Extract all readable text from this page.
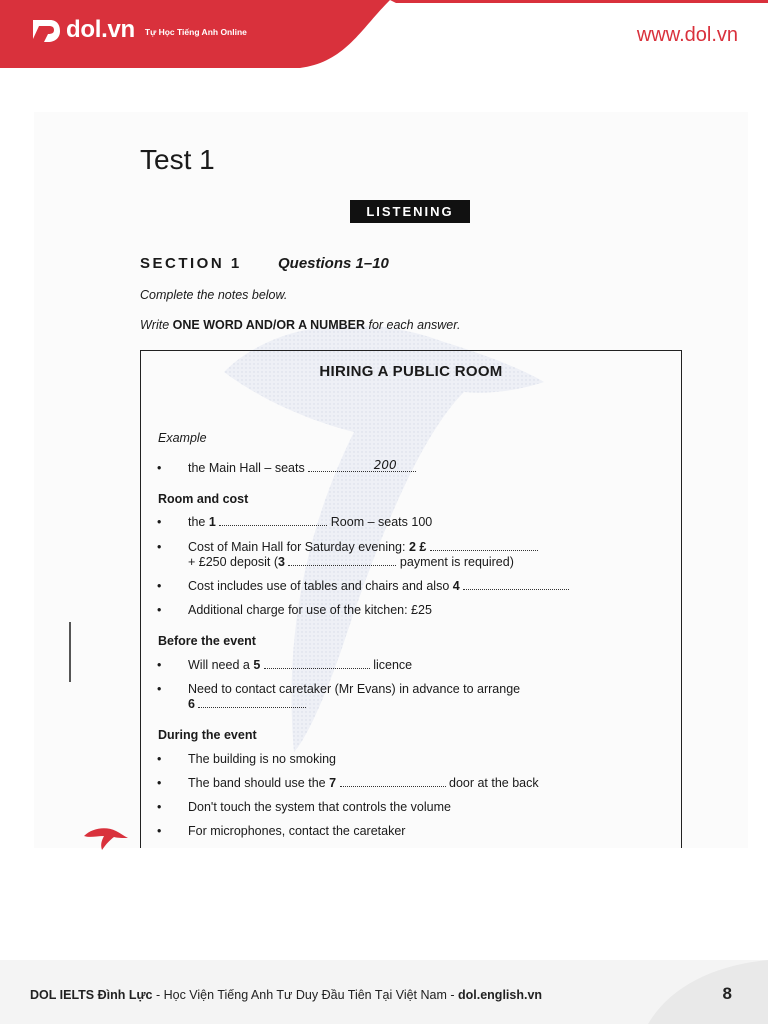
dol.vn Tự Học Tiếng Anh Online	www.dol.vn
Test 1
LISTENING
SECTION 1 Questions 1–10
Complete the notes below.
Write ONE WORD AND/OR A NUMBER for each answer.
HIRING A PUBLIC ROOM
Example
• the Main Hall – seats	200
Room and cost
• the 1	Room – seats 100
• Cost of Main Hall for Saturday evening: 2 £
+ £250 deposit (3	payment is required)
• Cost includes use of tables and chairs and also 4
• Additional charge for use of the kitchen: £25
Before the event
• Will need a 5	licence
• Need to contact caretaker (Mr Evans) in advance to arrange
6
During the event
• The building is no smoking
• The band should use the 7	door at the back
• Don't touch the system that controls the volume
• For microphones, contact the caretaker
DOL IELTS Đình Lực - Học Viện Tiếng Anh Tư Duy Đầu Tiên Tại Việt Nam - dol.english.vn	8
